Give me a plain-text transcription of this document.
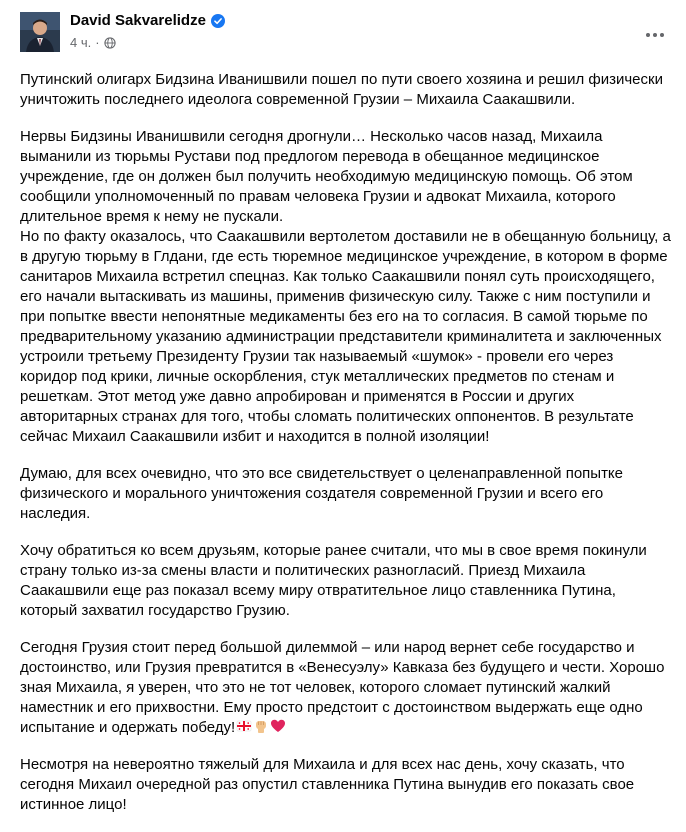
David Sakvarelidze
4 ч. ·
Путинский олигарх Бидзина Иванишвили пошел по пути своего хозяина и решил физически
уничтожить последнего идеолога современной Грузии – Михаила Саакашвили.
Нервы Бидзины Иванишвили сегодня дрогнули… Несколько часов назад, Михаила
выманили из тюрьмы Рустави под предлогом перевода в обещанное медицинское
учреждение, где он должен был получить необходимую медицинскую помощь. Об этом
сообщили уполномоченный по правам человека Грузии и адвокат Михаила, которого
длительное время к нему не пускали.
Но по факту оказалось, что Саакашвили вертолетом доставили не в обещанную больницу, а
в другую тюрьму в Глдани, где есть тюремное медицинское учреждение, в котором в форме
санитаров Михаила встретил спецназ. Как только Саакашвили понял суть происходящего,
его начали вытаскивать из машины, применив физическую силу. Также с ним поступили и
при попытке ввести непонятные медикаменты без его на то согласия. В самой тюрьме по
предварительному указанию администрации представители криминалитета и заключенных
устроили третьему Президенту Грузии так называемый «шумок» - провели его через
коридор под крики, личные оскорбления, стук металлических предметов по стенам и
решеткам. Этот метод уже давно апробирован и применятся в России и других
авторитарных странах для того, чтобы сломать политических оппонентов. В результате
сейчас Михаил Саакашвили избит и находится в полной изоляции!
Думаю, для всех очевидно, что это все свидетельствует о целенаправленной попытке
физического и морального уничтожения создателя современной Грузии и всего его
наследия.
Хочу обратиться ко всем друзьям, которые ранее считали, что мы в свое время покинули
страну только из-за смены власти и политических разногласий. Приезд Михаила
Саакашвили еще раз показал всему миру отвратительное лицо ставленника Путина,
который захватил государство Грузию.
Сегодня Грузия стоит перед большой дилеммой – или народ вернет себе государство и
достоинство, или Грузия превратится в «Венесуэлу» Кавказа без будущего и чести. Хорошо
зная Михаила, я уверен, что это не тот человек, которого сломает путинский жалкий
наместник и его прихвостни. Ему просто предстоит с достоинством выдержать еще одно
испытание и одержать победу!
Несмотря на невероятно тяжелый для Михаила и для всех нас день, хочу сказать, что
сегодня Михаил очередной раз опустил ставленника Путина вынудив его показать свое
истинное лицо!
